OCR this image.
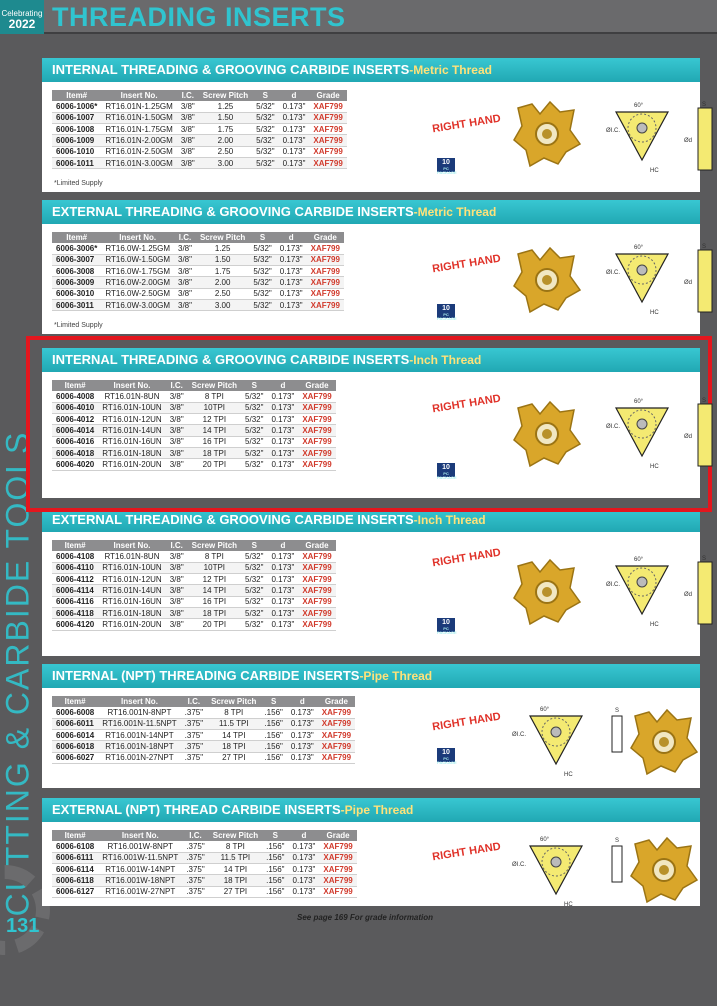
Celebrating
2022 THREADING INSERTS
CUTTING & CARBIDE TOOLS
131
INTERNAL THREADING & GROOVING CARBIDE INSERTS-Metric Thread
Item#	Insert No.	I.C.	Screw Pitch	S	d	Grade
6006-1006*	RT16.01N-1.25GM	3/8"	1.25	5/32"	0.173"	XAF799
6006-1007	RT16.01N-1.50GM	3/8"	1.50	5/32"	0.173"	XAF799
6006-1008	RT16.01N-1.75GM	3/8"	1.75	5/32"	0.173"	XAF799
6006-1009	RT16.01N-2.00GM	3/8"	2.00	5/32"	0.173"	XAF799
6006-1010	RT16.01N-2.50GM	3/8"	2.50	5/32"	0.173"	XAF799
6006-1011	RT16.01N-3.00GM	3/8"	3.00	5/32"	0.173"	XAF799
*Limited Supply
EXTERNAL THREADING & GROOVING CARBIDE INSERTS-Metric Thread
Item#	Insert No.	I.C.	Screw Pitch	S	d	Grade
6006-3006*	RT16.0W-1.25GM	3/8"	1.25	5/32"	0.173"	XAF799
6006-3007	RT16.0W-1.50GM	3/8"	1.50	5/32"	0.173"	XAF799
6006-3008	RT16.0W-1.75GM	3/8"	1.75	5/32"	0.173"	XAF799
6006-3009	RT16.0W-2.00GM	3/8"	2.00	5/32"	0.173"	XAF799
6006-3010	RT16.0W-2.50GM	3/8"	2.50	5/32"	0.173"	XAF799
6006-3011	RT16.0W-3.00GM	3/8"	3.00	5/32"	0.173"	XAF799
*Limited Supply
INTERNAL THREADING & GROOVING CARBIDE INSERTS-Inch Thread
Item#	Insert No.	I.C.	Screw Pitch	S	d	Grade
6006-4008	RT16.01N-8UN	3/8"	8 TPI	5/32"	0.173"	XAF799
6006-4010	RT16.01N-10UN	3/8"	10TPI	5/32"	0.173"	XAF799
6006-4012	RT16.01N-12UN	3/8"	12 TPI	5/32"	0.173"	XAF799
6006-4014	RT16.01N-14UN	3/8"	14 TPI	5/32"	0.173"	XAF799
6006-4016	RT16.01N-16UN	3/8"	16 TPI	5/32"	0.173"	XAF799
6006-4018	RT16.01N-18UN	3/8"	18 TPI	5/32"	0.173"	XAF799
6006-4020	RT16.01N-20UN	3/8"	20 TPI	5/32"	0.173"	XAF799
EXTERNAL THREADING & GROOVING CARBIDE INSERTS-Inch Thread
Item#	Insert No.	I.C.	Screw Pitch	S	d	Grade
6006-4108	RT16.01N-8UN	3/8"	8 TPI	5/32"	0.173"	XAF799
6006-4110	RT16.01N-10UN	3/8"	10TPI	5/32"	0.173"	XAF799
6006-4112	RT16.01N-12UN	3/8"	12 TPI	5/32"	0.173"	XAF799
6006-4114	RT16.01N-14UN	3/8"	14 TPI	5/32"	0.173"	XAF799
6006-4116	RT16.01N-16UN	3/8"	16 TPI	5/32"	0.173"	XAF799
6006-4118	RT16.01N-18UN	3/8"	18 TPI	5/32"	0.173"	XAF799
6006-4120	RT16.01N-20UN	3/8"	20 TPI	5/32"	0.173"	XAF799
INTERNAL (NPT) THREADING CARBIDE INSERTS-Pipe Thread
Item#	Insert No.	I.C.	Screw Pitch	S	d	Grade
6006-6008	RT16.001N-8NPT	.375"	8 TPI	.156"	0.173"	XAF799
6006-6011	RT16.001N-11.5NPT	.375"	11.5 TPI	.156"	0.173"	XAF799
6006-6014	RT16.001N-14NPT	.375"	14 TPI	.156"	0.173"	XAF799
6006-6018	RT16.001N-18NPT	.375"	18 TPI	.156"	0.173"	XAF799
6006-6027	RT16.001N-27NPT	.375"	27 TPI	.156"	0.173"	XAF799
EXTERNAL (NPT) THREAD CARBIDE INSERTS-Pipe Thread
Item#	Insert No.	I.C.	Screw Pitch	S	d	Grade
6006-6108	RT16.001W-8NPT	.375"	8 TPI	.156"	0.173"	XAF799
6006-6111	RT16.001W-11.5NPT	.375"	11.5 TPI	.156"	0.173"	XAF799
6006-6114	RT16.001W-14NPT	.375"	14 TPI	.156"	0.173"	XAF799
6006-6118	RT16.001W-18NPT	.375"	18 TPI	.156"	0.173"	XAF799
6006-6127	RT16.001W-27NPT	.375"	27 TPI	.156"	0.173"	XAF799
See page 169 For grade information
RIGHT HAND
60°
ØI.C.
HC
Ød
S
10
PC PACKAGE
RIGHT HAND
60°
ØI.C.
HC
Ød
S
10
PC PACKAGE
RIGHT HAND	60°
ØI.C.
HC
Ød
S
10
PC PACKAGE
RIGHT HAND	60°
ØI.C.
HC
Ød
S
10
PC PACKAGE
RIGHT HAND
60°
ØI.C.
HC
S
10
PC PACKAGE
RIGHT HAND
60°
ØI.C.
HC
S
